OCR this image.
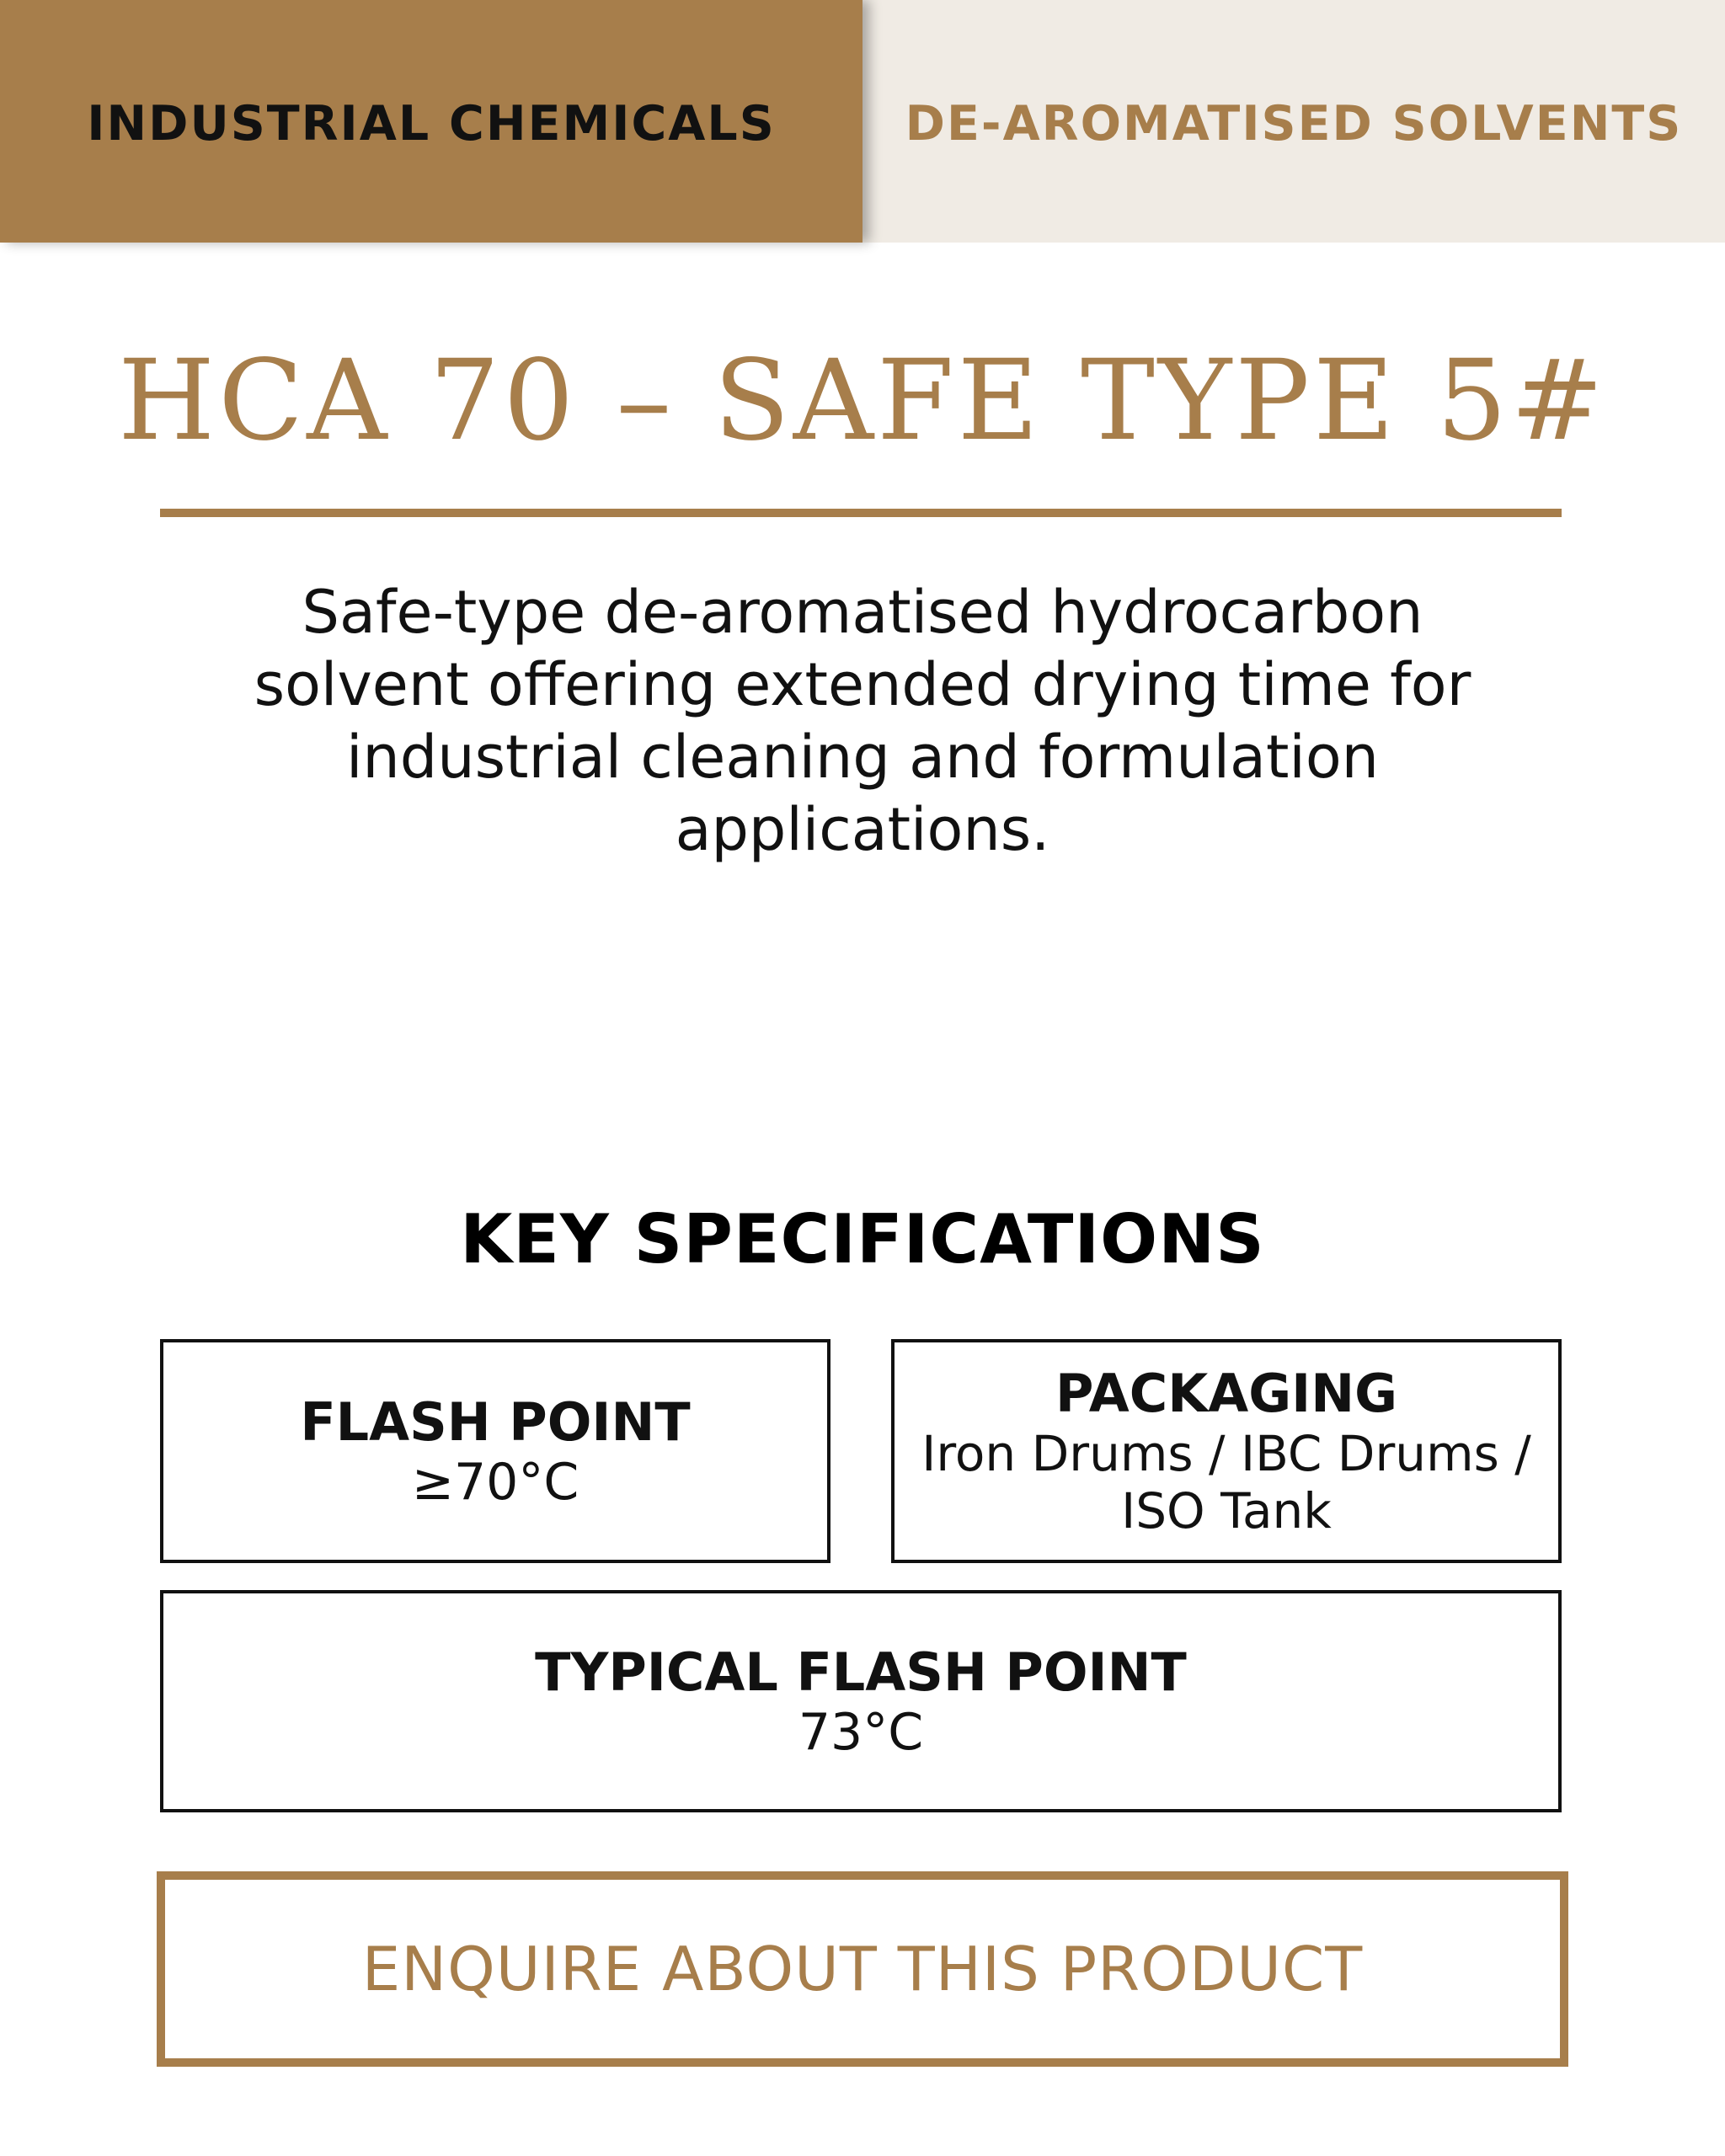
INDUSTRIAL CHEMICALS	DE-AROMATISED SOLVENTS
HCA 70 – SAFE TYPE 5#

Safe-type de-aromatised hydrocarbon solvent offering extended drying time for industrial cleaning and formulation applications.

KEY SPECIFICATIONS
FLASH POINT
≥70°C
PACKAGING
Iron Drums / IBC Drums / ISO Tank
TYPICAL FLASH POINT
73°C
ENQUIRE ABOUT THIS PRODUCT
